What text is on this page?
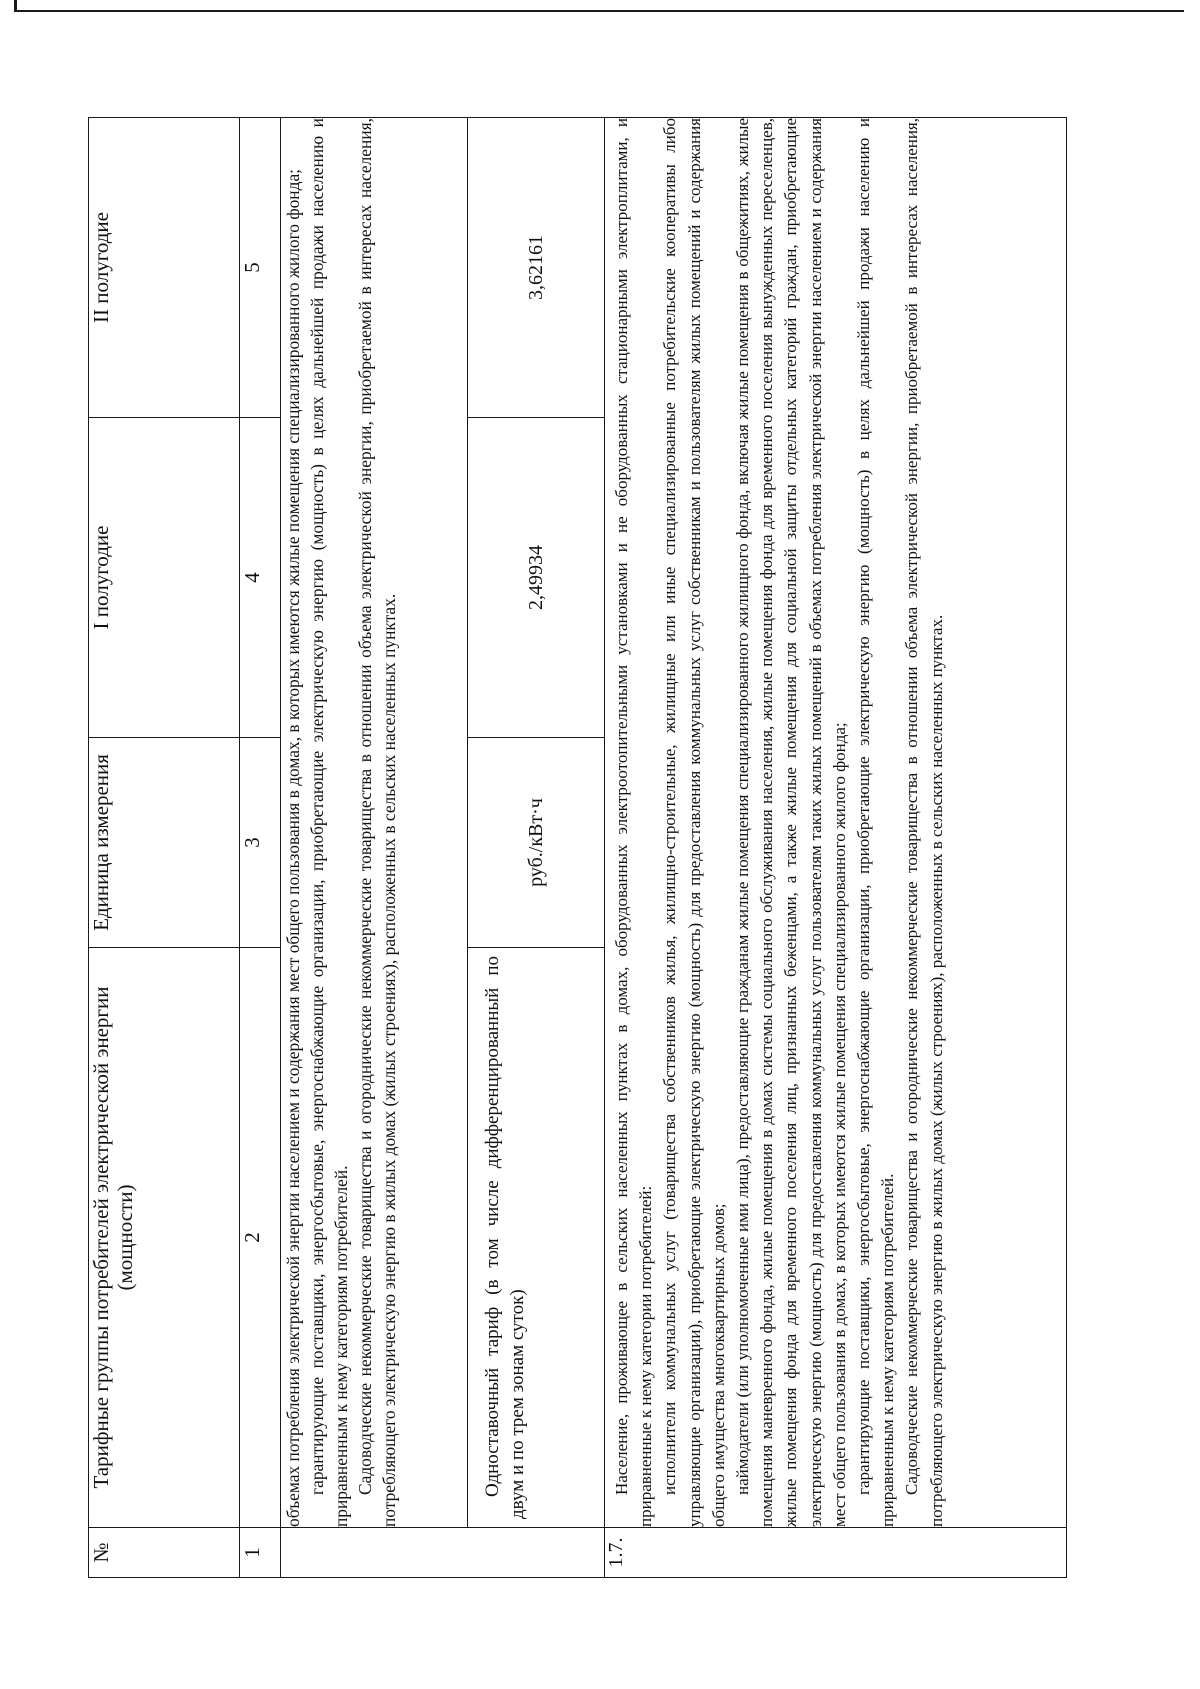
№	Тарифные группы потребителей электрической энергии (мощности)	Единица измерения	I полугодие	II полугодие
1	2	3	4	5

	объемах потребления электрической энергии населением и содержания мест общего пользования в домах, в которых имеются жилые помещения специализированного жилого фонда; гарантирующие поставщики, энергосбытовые, энергоснабжающие организации, приобретающие электрическую энергию (мощность) в целях дальнейшей продажи населению и приравненным к нему категориям потребителей. Садоводческие некоммерческие товарищества и огороднические некоммерческие товарищества в отношении объема электрической энергии, приобретаемой в интересах населения, потребляющего электрическую энергию в жилых домах (жилых строениях), расположенных в сельских населенных пунктах.			

	Одноставочный тариф (в том числе дифференцированный по двум и по трем зонам суток)	руб./кВт·ч	2,49934	3,62161
1.7.	Население, проживающее в сельских населенных пунктах в домах, оборудованных электроотопительными установками и не оборудованных стационарными электроплитами, и приравненные к нему категории потребителей: исполнители коммунальных услуг (товарищества собственников жилья, жилищно-строительные, жилищные или иные специализированные потребительские кооперативы либо управляющие организации), приобретающие электрическую энергию (мощность) для предоставления коммунальных услуг собственникам и пользователям жилых помещений и содержания общего имущества многоквартирных домов; наймодатели (или уполномоченные ими лица), предоставляющие гражданам жилые помещения специализированного жилищного фонда, включая жилые помещения в общежитиях, жилые помещения маневренного фонда, жилые помещения в домах системы социального обслуживания населения, жилые помещения фонда для временного поселения вынужденных переселенцев, жилые помещения фонда для временного поселения лиц, признанных беженцами, а также жилые помещения для социальной защиты отдельных категорий граждан, приобретающие электрическую энергию (мощность) для предоставления коммунальных услуг пользователям таких жилых помещений в объемах потребления электрической энергии населением и содержания мест общего пользования в домах, в которых имеются жилые помещения специализированного жилого фонда; гарантирующие поставщики, энергосбытовые, энергоснабжающие организации, приобретающие электрическую энергию (мощность) в целях дальнейшей продажи населению и приравненным к нему категориям потребителей. Садоводческие некоммерческие товарищества и огороднические некоммерческие товарищества в отношении объема электрической энергии, приобретаемой в интересах населения, потребляющего электрическую энергию в жилых домах (жилых строениях), расположенных в сельских населенных пунктах.			
